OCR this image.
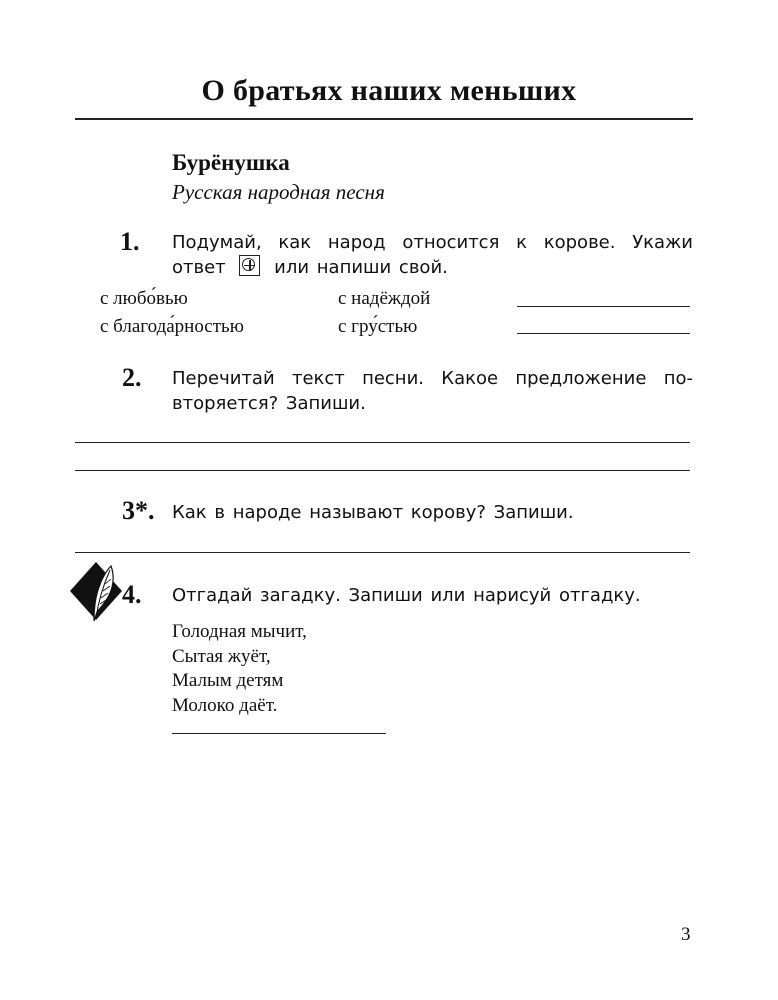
О братьях наших меньших
Бурёнушка
Русская народная песня
1. Подумай, как народ относится к корове. Укажи ответ	или напиши свой.
с любо́вью	с надёждой
с благода́рностью	с гру́стью
2. Перечитай текст песни. Какое предложение повторяется? Запиши.
3*. Как в народе называют корову? Запиши.
4. Отгадай загадку. Запиши или нарисуй отгадку.
Голодная мычит,
Сытая жуёт,
Малым детям
Молоко даёт.
3
